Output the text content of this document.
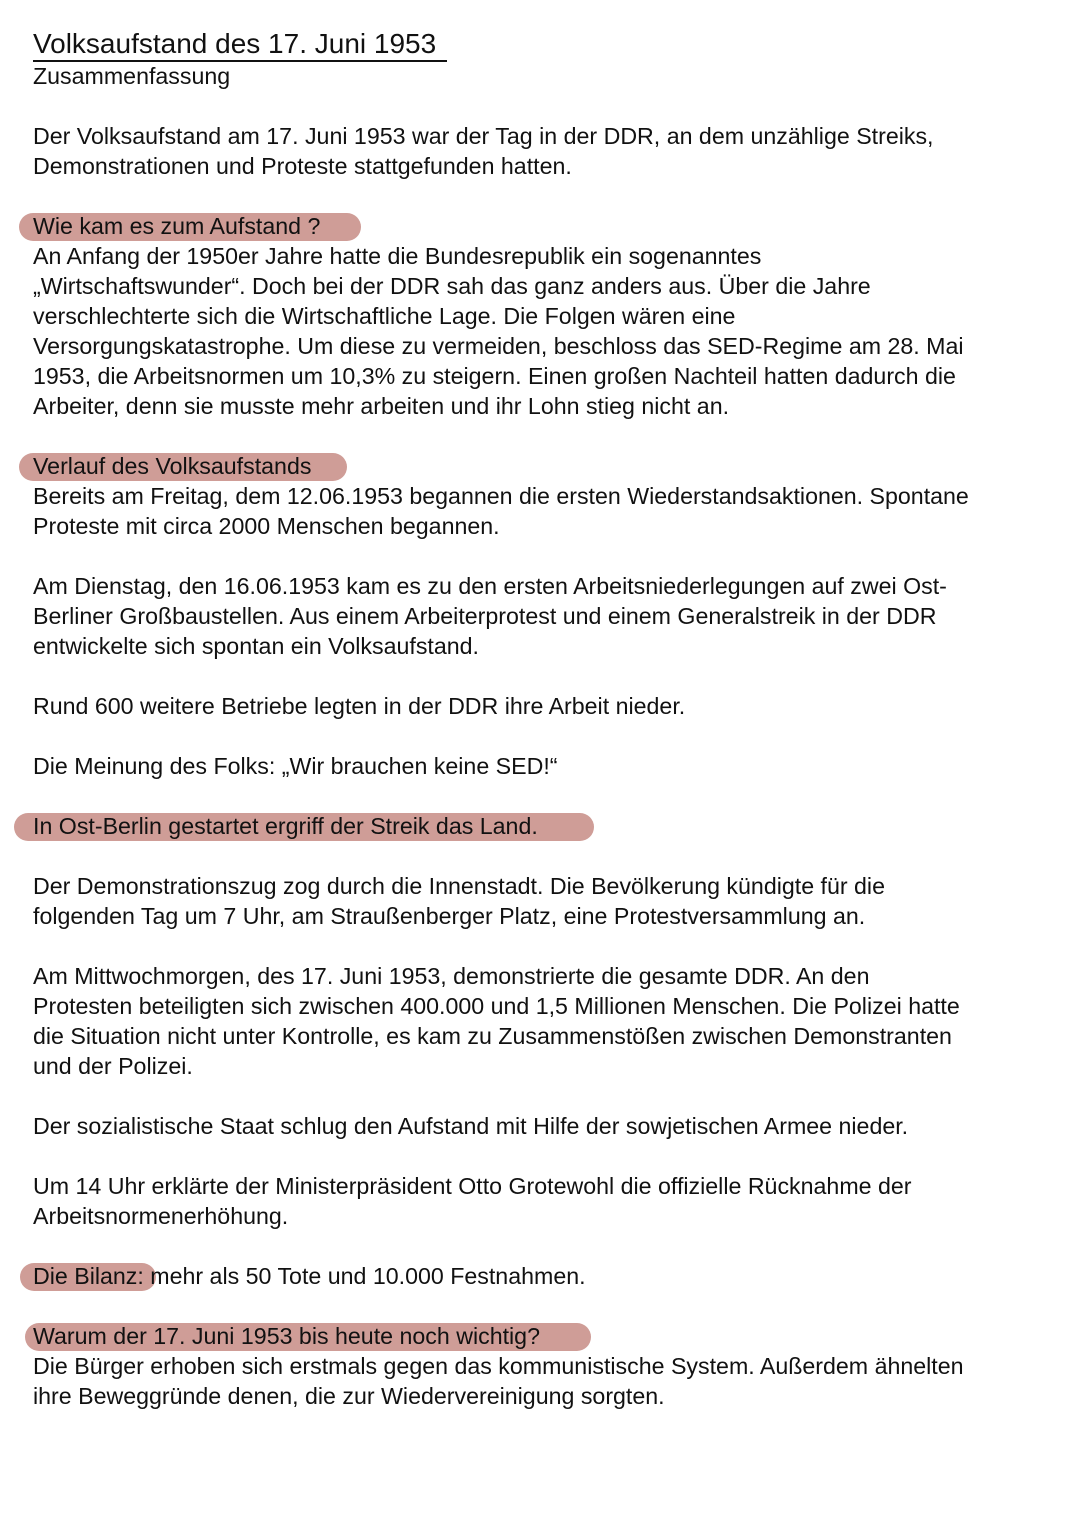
Volksaufstand des 17. Juni 1953
Zusammenfassung
Der Volksaufstand am 17. Juni 1953 war der Tag in der DDR, an dem unzählige Streiks,
Demonstrationen und Proteste stattgefunden hatten.
Wie kam es zum Aufstand ?
An Anfang der 1950er Jahre hatte die Bundesrepublik ein sogenanntes
„Wirtschaftswunder“. Doch bei der DDR sah das ganz anders aus. Über die Jahre
verschlechterte sich die Wirtschaftliche Lage. Die Folgen wären eine
Versorgungskatastrophe. Um diese zu vermeiden, beschloss das SED-Regime am 28. Mai
1953, die Arbeitsnormen um 10,3% zu steigern. Einen großen Nachteil hatten dadurch die
Arbeiter, denn sie musste mehr arbeiten und ihr Lohn stieg nicht an.
Verlauf des Volksaufstands
Bereits am Freitag, dem 12.06.1953 begannen die ersten Wiederstandsaktionen. Spontane
Proteste mit circa 2000 Menschen begannen.
Am Dienstag, den 16.06.1953 kam es zu den ersten Arbeitsniederlegungen auf zwei Ost-
Berliner Großbaustellen. Aus einem Arbeiterprotest und einem Generalstreik in der DDR
entwickelte sich spontan ein Volksaufstand.
Rund 600 weitere Betriebe legten in der DDR ihre Arbeit nieder.
Die Meinung des Folks: „Wir brauchen keine SED!“
In Ost-Berlin gestartet ergriff der Streik das Land.
Der Demonstrationszug zog durch die Innenstadt. Die Bevölkerung kündigte für die
folgenden Tag um 7 Uhr, am Straußenberger Platz, eine Protestversammlung an.
Am Mittwochmorgen, des 17. Juni 1953, demonstrierte die gesamte DDR. An den
Protesten beteiligten sich zwischen 400.000 und 1,5 Millionen Menschen. Die Polizei hatte
die Situation nicht unter Kontrolle, es kam zu Zusammenstößen zwischen Demonstranten
und der Polizei.
Der sozialistische Staat schlug den Aufstand mit Hilfe der sowjetischen Armee nieder.
Um 14 Uhr erklärte der Ministerpräsident Otto Grotewohl die offizielle Rücknahme der
Arbeitsnormenerhöhung.
Die Bilanz: mehr als 50 Tote und 10.000 Festnahmen.
Warum der 17. Juni 1953 bis heute noch wichtig?
Die Bürger erhoben sich erstmals gegen das kommunistische System. Außerdem ähnelten
ihre Beweggründe denen, die zur Wiedervereinigung sorgten.
